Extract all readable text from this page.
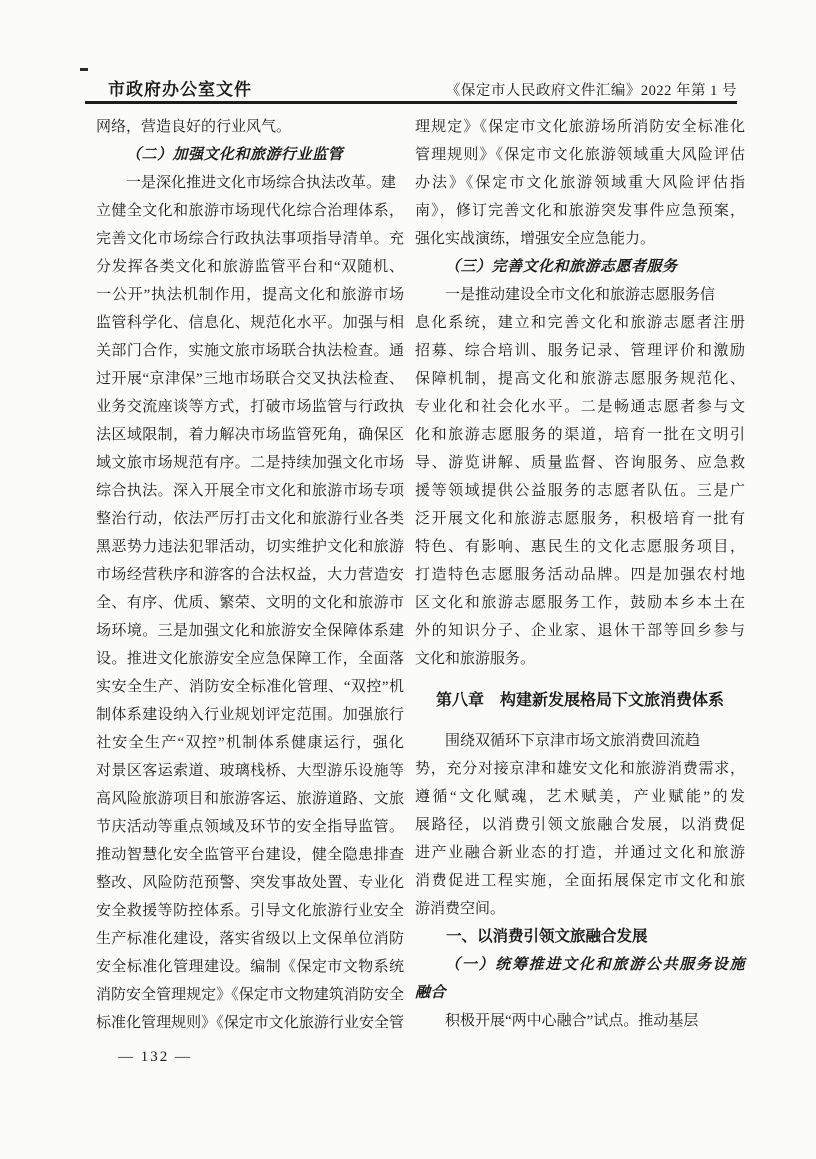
市政府办公室文件	《保定市人民政府文件汇编》2022 年第 1 号
网络，营造良好的行业风气。
（二）加强文化和旅游行业监管
一是深化推进文化市场综合执法改革。建
立健全文化和旅游市场现代化综合治理体系，
完善文化市场综合行政执法事项指导清单。充
分发挥各类文化和旅游监管平台和“双随机、
一公开”执法机制作用，提高文化和旅游市场
监管科学化、信息化、规范化水平。加强与相
关部门合作，实施文旅市场联合执法检查。通
过开展“京津保”三地市场联合交叉执法检查、
业务交流座谈等方式，打破市场监管与行政执
法区域限制，着力解决市场监管死角，确保区
域文旅市场规范有序。二是持续加强文化市场
综合执法。深入开展全市文化和旅游市场专项
整治行动，依法严厉打击文化和旅游行业各类
黑恶势力违法犯罪活动，切实维护文化和旅游
市场经营秩序和游客的合法权益，大力营造安
全、有序、优质、繁荣、文明的文化和旅游市
场环境。三是加强文化和旅游安全保障体系建
设。推进文化旅游安全应急保障工作，全面落
实安全生产、消防安全标准化管理、“双控”机
制体系建设纳入行业规划评定范围。加强旅行
社安全生产“双控”机制体系健康运行，强化
对景区客运索道、玻璃栈桥、大型游乐设施等
高风险旅游项目和旅游客运、旅游道路、文旅
节庆活动等重点领域及环节的安全指导监管。
推动智慧化安全监管平台建设，健全隐患排查
整改、风险防范预警、突发事故处置、专业化
安全救援等防控体系。引导文化旅游行业安全
生产标准化建设，落实省级以上文保单位消防
安全标准化管理建设。编制《保定市文物系统
消防安全管理规定》《保定市文物建筑消防安全
标准化管理规则》《保定市文化旅游行业安全管
理规定》《保定市文化旅游场所消防安全标准化
管理规则》《保定市文化旅游领域重大风险评估
办法》《保定市文化旅游领域重大风险评估指
南》，修订完善文化和旅游突发事件应急预案，
强化实战演练，增强安全应急能力。
（三）完善文化和旅游志愿者服务
一是推动建设全市文化和旅游志愿服务信
息化系统，建立和完善文化和旅游志愿者注册
招募、综合培训、服务记录、管理评价和激励
保障机制，提高文化和旅游志愿服务规范化、
专业化和社会化水平。二是畅通志愿者参与文
化和旅游志愿服务的渠道，培育一批在文明引
导、游览讲解、质量监督、咨询服务、应急救
援等领域提供公益服务的志愿者队伍。三是广
泛开展文化和旅游志愿服务，积极培育一批有
特色、有影响、惠民生的文化志愿服务项目，
打造特色志愿服务活动品牌。四是加强农村地
区文化和旅游志愿服务工作，鼓励本乡本土在
外的知识分子、企业家、退休干部等回乡参与
文化和旅游服务。
第八章　构建新发展格局下文旅消费体系
围绕双循环下京津市场文旅消费回流趋
势，充分对接京津和雄安文化和旅游消费需求，
遵循“文化赋魂，艺术赋美，产业赋能”的发
展路径，以消费引领文旅融合发展，以消费促
进产业融合新业态的打造，并通过文化和旅游
消费促进工程实施，全面拓展保定市文化和旅
游消费空间。
一、以消费引领文旅融合发展
（一）统筹推进文化和旅游公共服务设施
融合
积极开展“两中心融合”试点。推动基层
— 132 —
